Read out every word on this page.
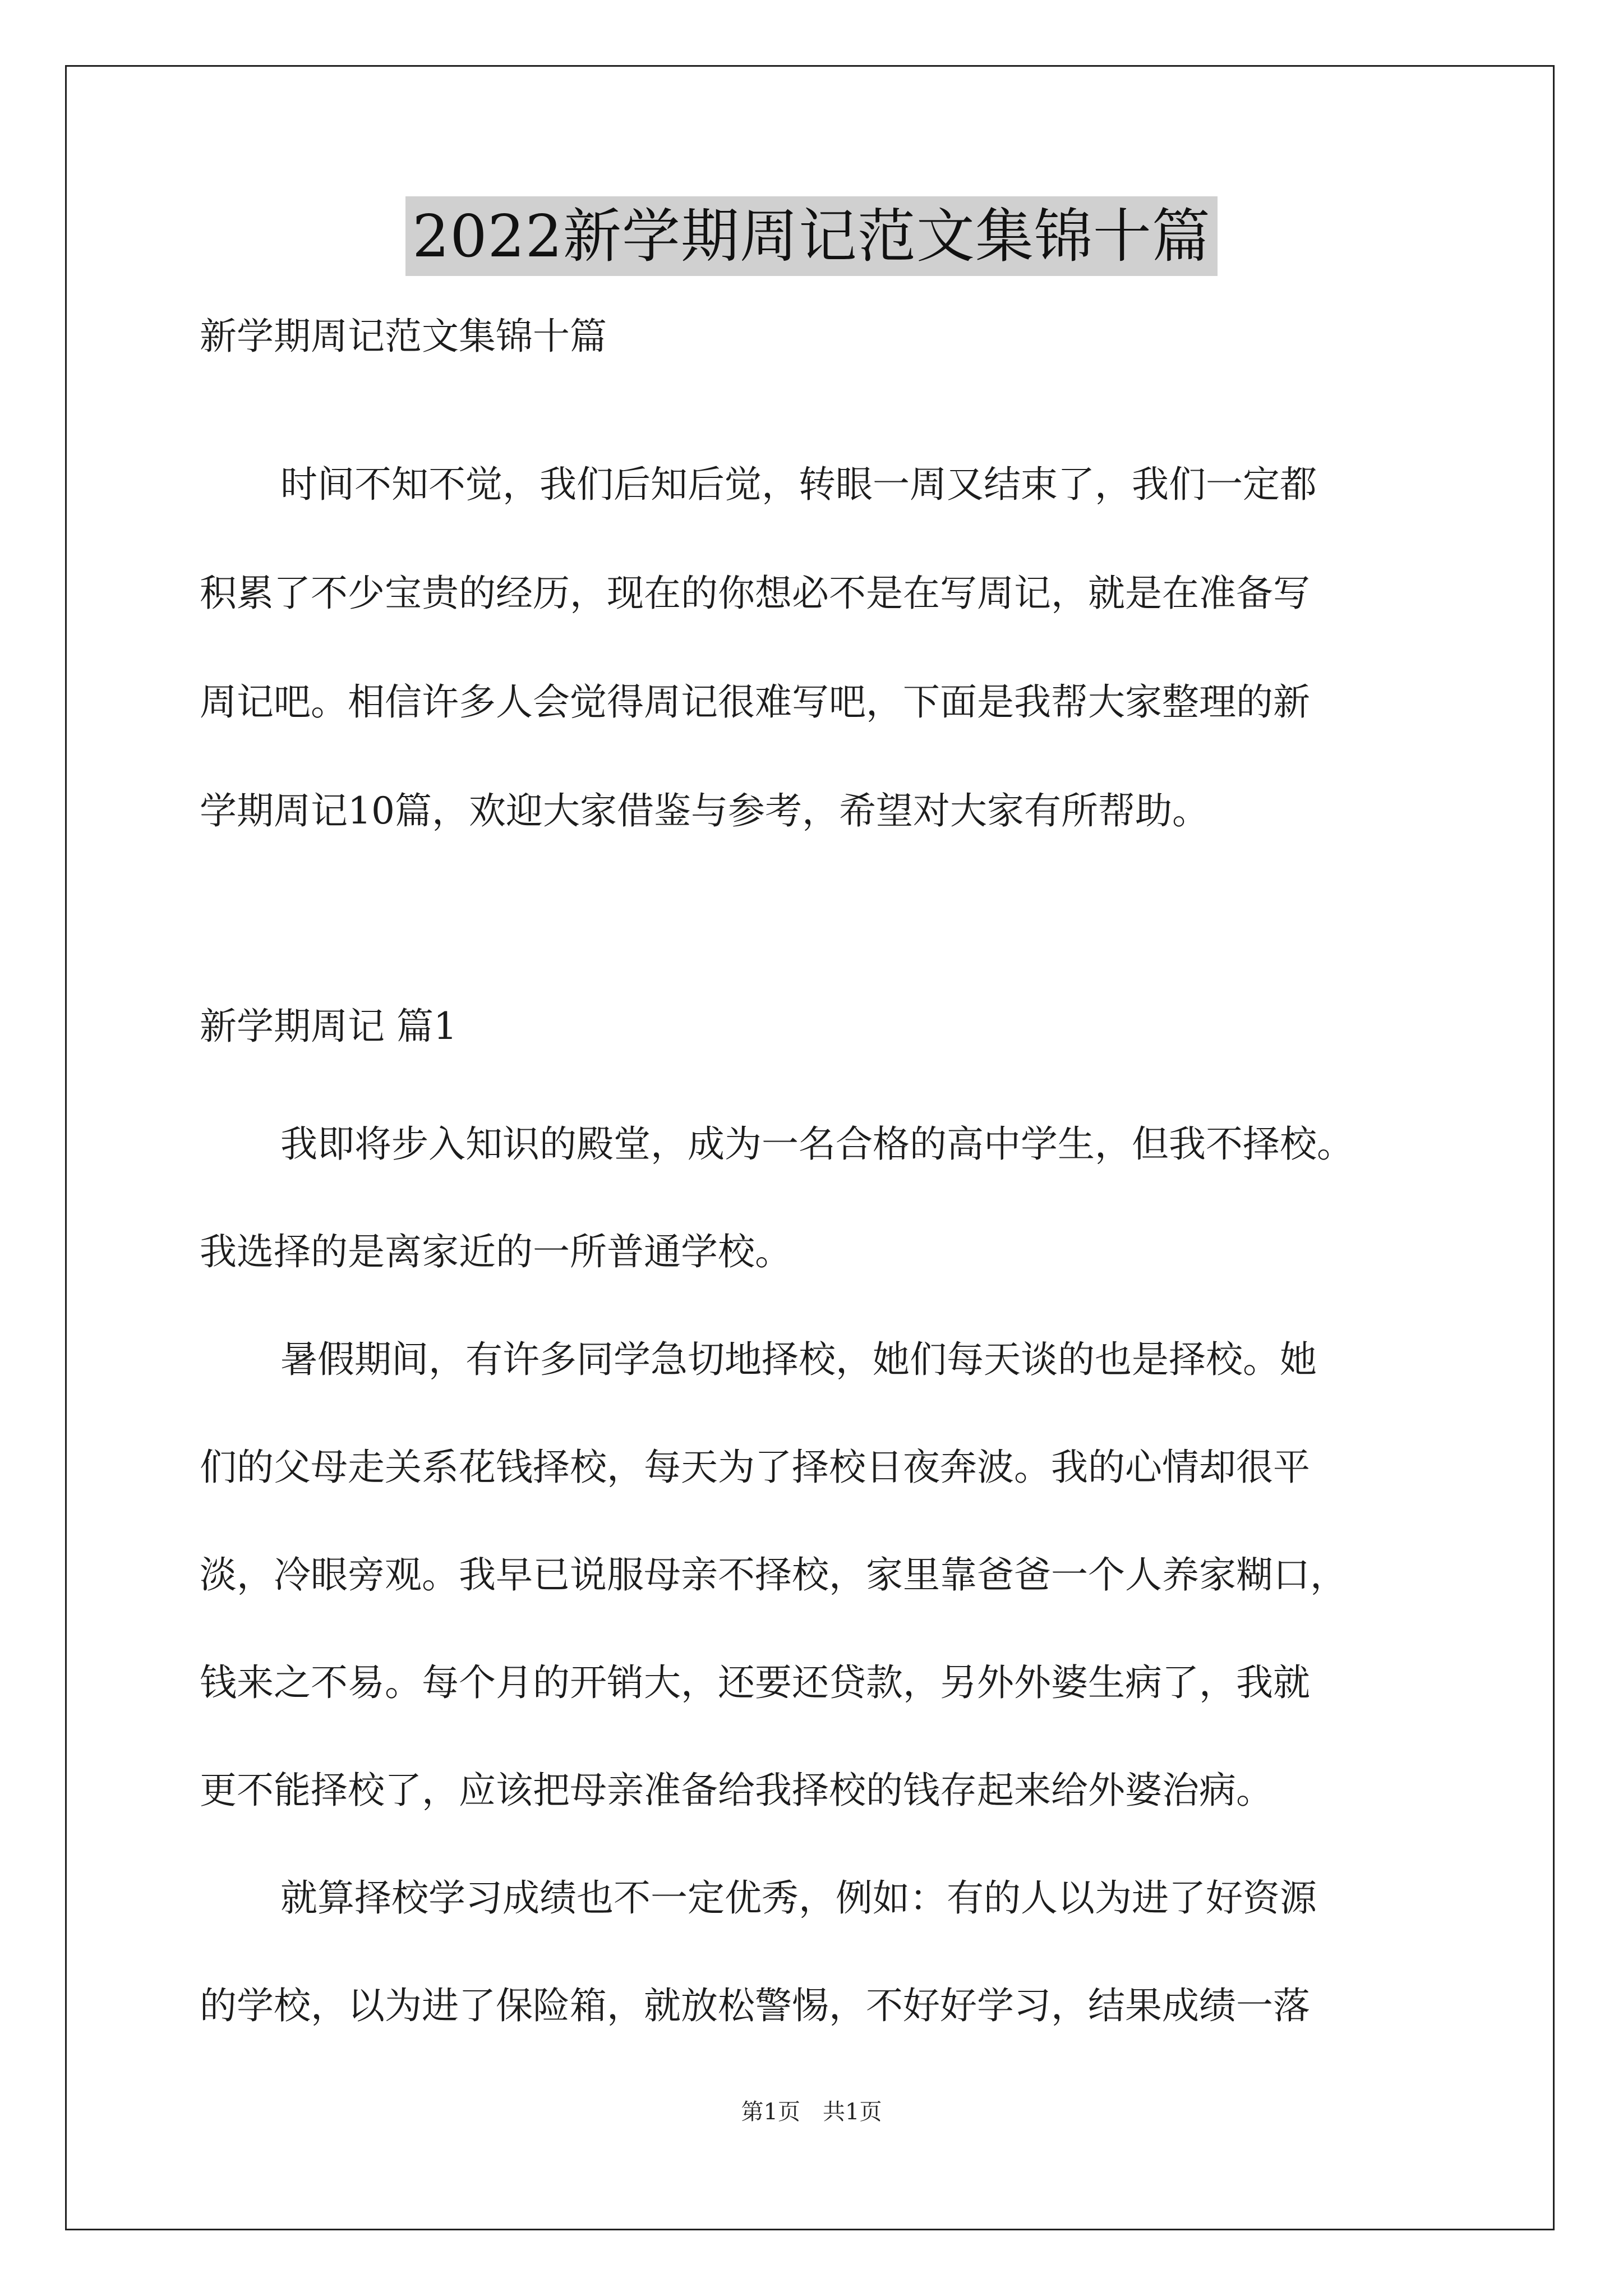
2022新学期周记范文集锦十篇
新学期周记范文集锦十篇
时间不知不觉，我们后知后觉，转眼一周又结束了，我们一定都
积累了不少宝贵的经历，现在的你想必不是在写周记，就是在准备写
周记吧。相信许多人会觉得周记很难写吧，下面是我帮大家整理的新
学期周记10篇，欢迎大家借鉴与参考，希望对大家有所帮助。
新学期周记 篇1
我即将步入知识的殿堂，成为一名合格的高中学生，但我不择校。
我选择的是离家近的一所普通学校。
暑假期间，有许多同学急切地择校，她们每天谈的也是择校。她
们的父母走关系花钱择校，每天为了择校日夜奔波。我的心情却很平
淡，冷眼旁观。我早已说服母亲不择校，家里靠爸爸一个人养家糊口，
钱来之不易。每个月的开销大，还要还贷款，另外外婆生病了，我就
更不能择校了，应该把母亲准备给我择校的钱存起来给外婆治病。
就算择校学习成绩也不一定优秀，例如：有的人以为进了好资源
的学校，以为进了保险箱，就放松警惕，不好好学习，结果成绩一落
第1页　共1页
